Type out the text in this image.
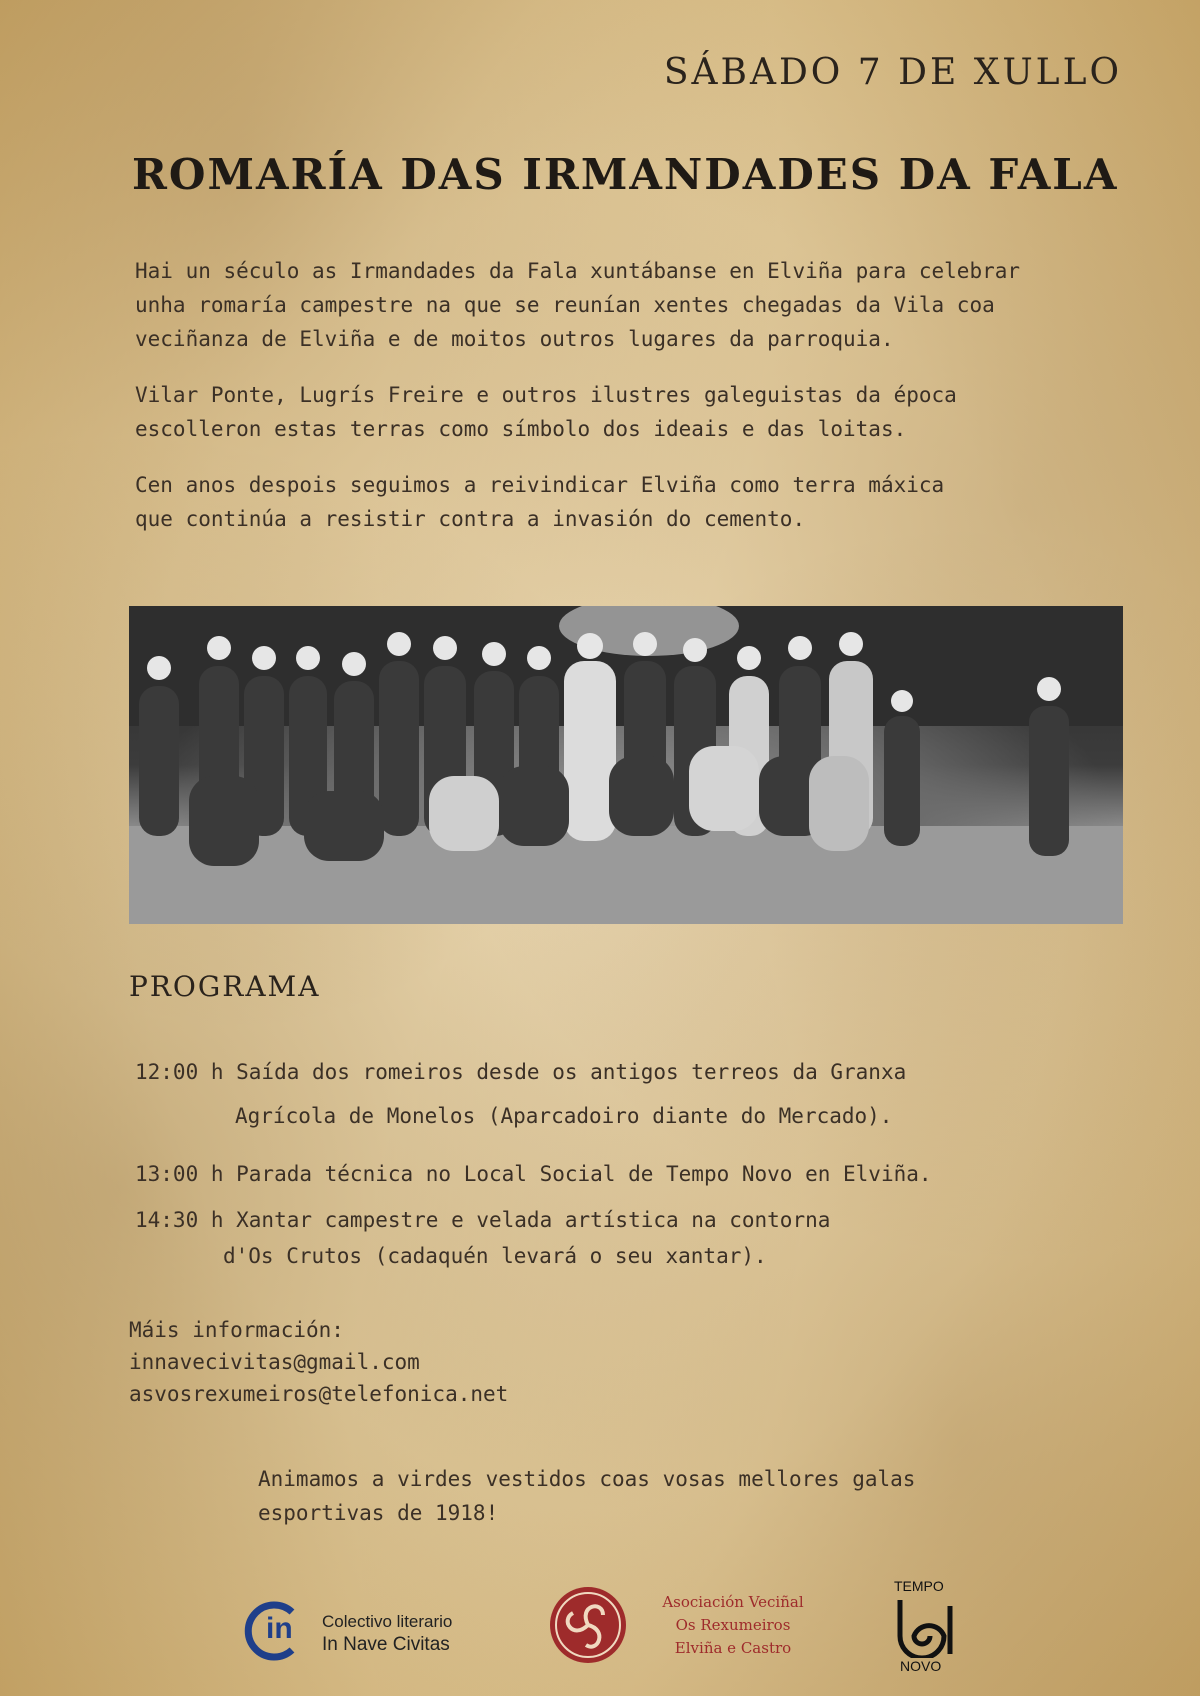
SÁBADO 7 DE XULLO
ROMARÍA DAS IRMANDADES DA FALA
Hai un século as Irmandades da Fala xuntábanse en Elviña para celebrar
unha romaría campestre na que se reunían xentes chegadas da Vila coa
veciñanza de Elviña e de moitos outros lugares da parroquia.
Vilar Ponte, Lugrís Freire e outros ilustres galeguistas da época
escolleron estas terras como símbolo dos ideais e das loitas.
Cen anos despois seguimos a reivindicar Elviña como terra máxica
que continúa a resistir contra a invasión do cemento.
PROGRAMA
12:00 h Saída dos romeiros desde os antigos terreos da Granxa
Agrícola de Monelos (Aparcadoiro diante do Mercado).
13:00 h Parada técnica no Local Social de Tempo Novo en Elviña.
14:30 h Xantar campestre e velada artística na contorna
d'Os Crutos (cadaquén levará o seu xantar).
Máis información:
innavecivitas@gmail.com
asvosrexumeiros@telefonica.net
Animamos a virdes vestidos coas vosas mellores galas
esportivas de 1918!
in Colectivo literario
In Nave Civitas
Asociación Veciñal
Os Rexumeiros
Elviña e Castro
TEMPO
NOVO
